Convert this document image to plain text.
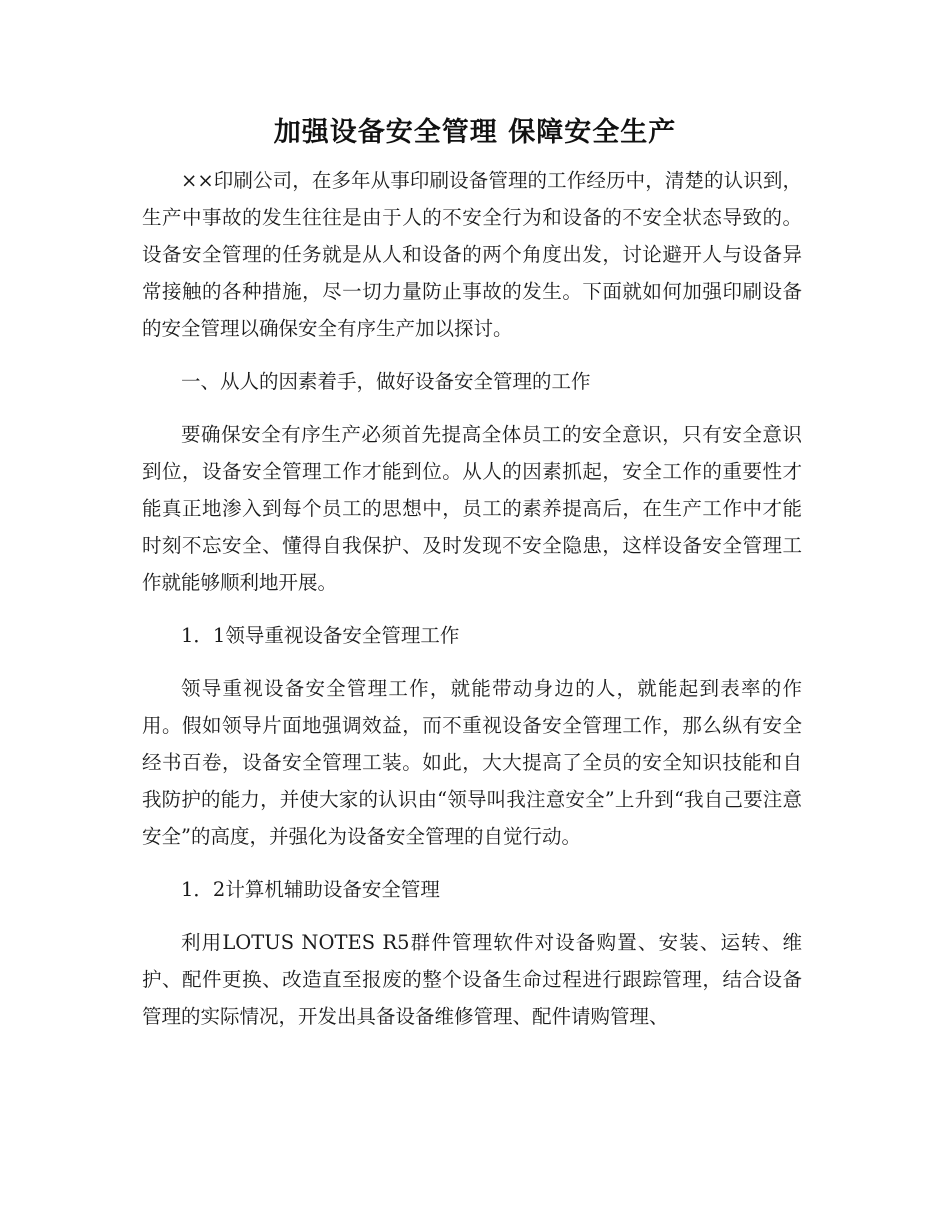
加强设备安全管理 保障安全生产

××印刷公司，在多年从事印刷设备管理的工作经历中，清楚的认识到，生产中事故的发生往往是由于人的不安全行为和设备的不安全状态导致的。设备安全管理的任务就是从人和设备的两个角度出发，讨论避开人与设备异常接触的各种措施，尽一切力量防止事故的发生。下面就如何加强印刷设备的安全管理以确保安全有序生产加以探讨。

一、从人的因素着手，做好设备安全管理的工作

要确保安全有序生产必须首先提高全体员工的安全意识，只有安全意识到位，设备安全管理工作才能到位。从人的因素抓起，安全工作的重要性才能真正地渗入到每个员工的思想中，员工的素养提高后，在生产工作中才能时刻不忘安全、懂得自我保护、及时发现不安全隐患，这样设备安全管理工作就能够顺利地开展。

1．1领导重视设备安全管理工作

领导重视设备安全管理工作，就能带动身边的人，就能起到表率的作用。假如领导片面地强调效益，而不重视设备安全管理工作，那么纵有安全经书百卷，设备安全管理工装。如此，大大提高了全员的安全知识技能和自我防护的能力，并使大家的认识由“领导叫我注意安全”上升到“我自己要注意安全”的高度，并强化为设备安全管理的自觉行动。

1．2计算机辅助设备安全管理

利用LOTUS NOTES R5群件管理软件对设备购置、安装、运转、维护、配件更换、改造直至报废的整个设备生命过程进行跟踪管理，结合设备管理的实际情况，开发出具备设备维修管理、配件请购管理、
